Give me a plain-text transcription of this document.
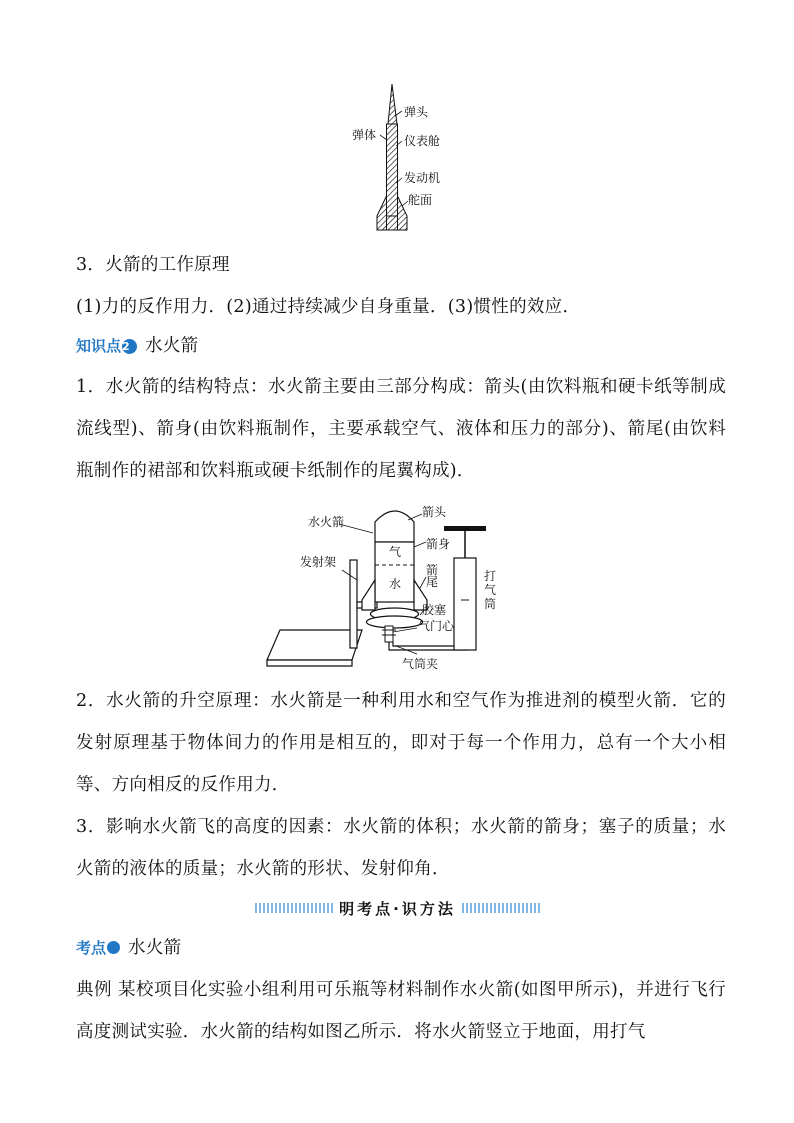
弹头
弹体 仪表舱
发动机
舵面
3．火箭的工作原理
(1)力的反作用力．(2)通过持续减少自身重量．(3)惯性的效应．
知识点2 水火箭
1．水火箭的结构特点：水火箭主要由三部分构成：箭头(由饮料瓶和硬卡纸等制成流线型)、箭身(由饮料瓶制作，主要承载空气、液体和压力的部分)、箭尾(由饮料瓶制作的裙部和饮料瓶或硬卡纸制作的尾翼构成)．
水火箭
发射架
箭头
箭身
箭
尾
气
水
胶塞
气门心
气筒夹
打
气
筒
2．水火箭的升空原理：水火箭是一种利用水和空气作为推进剂的模型火箭．它的发射原理基于物体间力的作用是相互的，即对于每一个作用力，总有一个大小相等、方向相反的反作用力．
3．影响水火箭飞的高度的因素：水火箭的体积；水火箭的箭身；塞子的质量；水火箭的液体的质量；水火箭的形状、发射仰角．
明考点·识方法
考点 水火箭
典例 某校项目化实验小组利用可乐瓶等材料制作水火箭(如图甲所示)，并进行飞行高度测试实验．水火箭的结构如图乙所示．将水火箭竖立于地面，用打气
